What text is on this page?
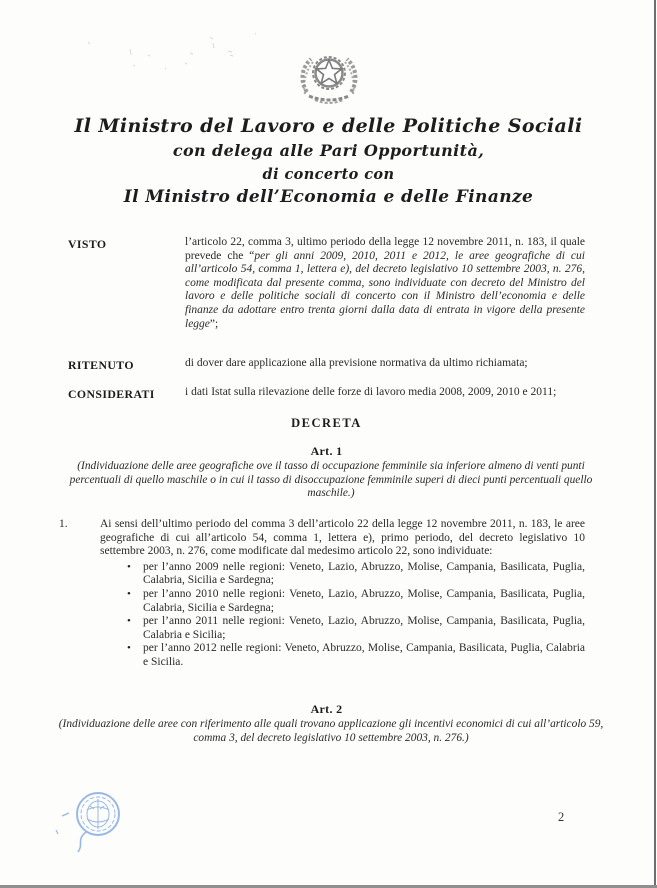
Il Ministro del Lavoro e delle Politiche Sociali
con delega alle Pari Opportunità,
di concerto con
Il Ministro dell’Economia e delle Finanze
VISTO	l’articolo 22, comma 3, ultimo periodo della legge 12 novembre 2011, n. 183, il quale prevede che “per gli anni 2009, 2010, 2011 e 2012, le aree geografiche di cui all’articolo 54, comma 1, lettera e), del decreto legislativo 10 settembre 2003, n. 276, come modificata dal presente comma, sono individuate con decreto del Ministro del lavoro e delle politiche sociali di concerto con il Ministro dell’economia e delle finanze da adottare entro trenta giorni dalla data di entrata in vigore della presente legge”;
RITENUTO	di dover dare applicazione alla previsione normativa da ultimo richiamata;
CONSIDERATI	i dati Istat sulla rilevazione delle forze di lavoro media 2008, 2009, 2010 e 2011;
DECRETA
Art. 1
(Individuazione delle aree geografiche ove il tasso di occupazione femminile sia inferiore almeno di venti punti percentuali di quello maschile o in cui il tasso di disoccupazione femminile superi di dieci punti percentuali quello maschile.)
1.	Ai sensi dell’ultimo periodo del comma 3 dell’articolo 22 della legge 12 novembre 2011, n. 183, le aree geografiche di cui all’articolo 54, comma 1, lettera e), primo periodo, del decreto legislativo 10 settembre 2003, n. 276, come modificate dal medesimo articolo 22, sono individuate:
•	per l’anno 2009 nelle regioni: Veneto, Lazio, Abruzzo, Molise, Campania, Basilicata, Puglia, Calabria, Sicilia e Sardegna;
•	per l’anno 2010 nelle regioni: Veneto, Lazio, Abruzzo, Molise, Campania, Basilicata, Puglia, Calabria, Sicilia e Sardegna;
•	per l’anno 2011 nelle regioni: Veneto, Lazio, Abruzzo, Molise, Campania, Basilicata, Puglia, Calabria e Sicilia;
•	per l’anno 2012 nelle regioni: Veneto, Abruzzo, Molise, Campania, Basilicata, Puglia, Calabria e Sicilia.
Art. 2
(Individuazione delle aree con riferimento alle quali trovano applicazione gli incentivi economici di cui all’articolo 59, comma 3, del decreto legislativo 10 settembre 2003, n. 276.)
2
